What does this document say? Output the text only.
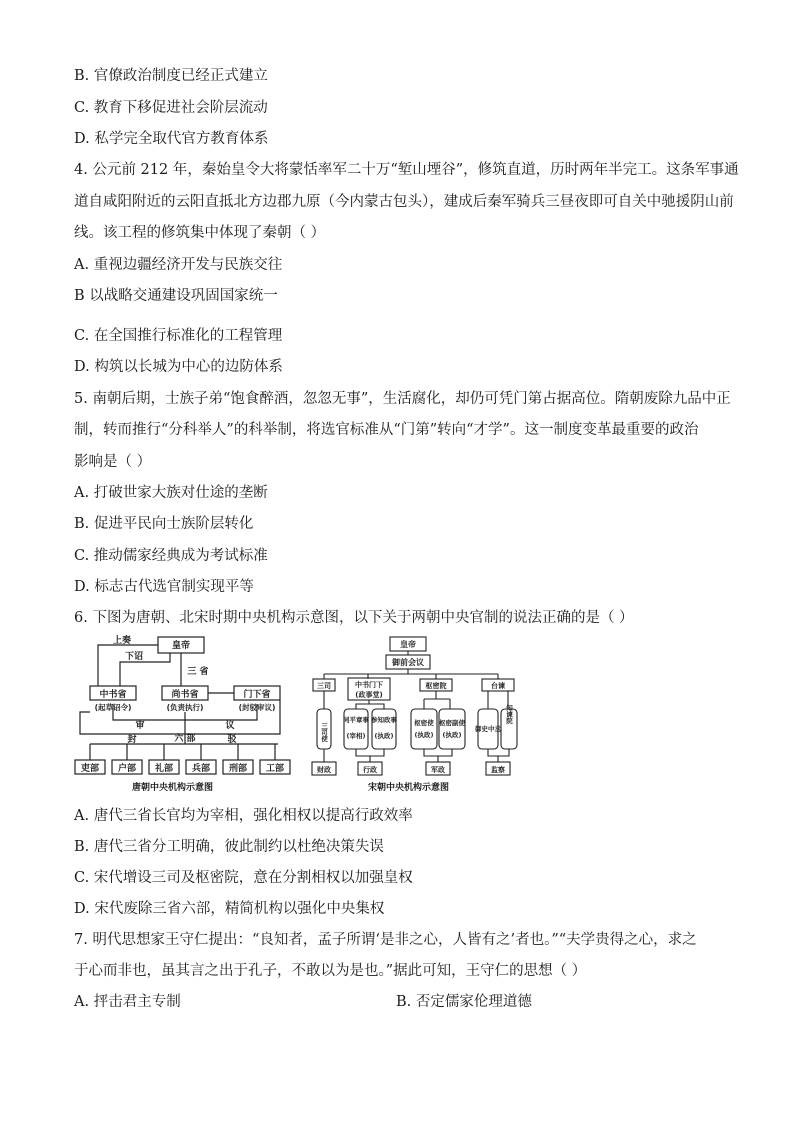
B. 官僚政治制度已经正式建立
C. 教育下移促进社会阶层流动
D. 私学完全取代官方教育体系
4. 公元前 212 年，秦始皇令大将蒙恬率军二十万“堑山堙谷”，修筑直道，历时两年半完工。这条军事通
道自咸阳附近的云阳直抵北方边郡九原（今内蒙古包头），建成后秦军骑兵三昼夜即可自关中驰援阴山前
线。该工程的修筑集中体现了秦朝（ ）
A. 重视边疆经济开发与民族交往
B 以战略交通建设巩固国家统一
C. 在全国推行标准化的工程管理
D. 构筑以长城为中心的边防体系
5. 南朝后期，士族子弟“饱食醉酒，忽忽无事”，生活腐化，却仍可凭门第占据高位。隋朝废除九品中正
制，转而推行“分科举人”的科举制，将选官标准从“门第”转向“才学”。这一制度变革最重要的政治
影响是（ ）
A. 打破世家大族对仕途的垄断
B. 促进平民向士族阶层转化
C. 推动儒家经典成为考试标准
D. 标志古代选官制实现平等
6. 下图为唐朝、北宋时期中央机构示意图，以下关于两朝中央官制的说法正确的是（ ）
皇帝
上奏
下诏
三 省
中书省
(起草诏令)
尚书省
(负责执行)
门下省
(封驳审议)
审	议
封	驳
六 部
吏部 户部 礼部 兵部 刑部 工部
唐朝中央机构示意图
皇帝
御前会议
三司	中书门下
(政事堂)
枢密院	台谏
三司使
同平章事
(宰相)
参知政事
(执政)
枢密使
(执政)
枢密副使
(执政)
御史中丞
知谏院
财政	行政	军政	监察
宋朝中央机构示意图
A. 唐代三省长官均为宰相，强化相权以提高行政效率
B. 唐代三省分工明确，彼此制约以杜绝决策失误
C. 宋代增设三司及枢密院，意在分割相权以加强皇权
D. 宋代废除三省六部，精简机构以强化中央集权
7. 明代思想家王守仁提出：“良知者，孟子所谓‘是非之心，人皆有之’者也。”“夫学贵得之心，求之
于心而非也，虽其言之出于孔子，不敢以为是也。”据此可知，王守仁的思想（ ）
A. 抨击君主专制	B. 否定儒家伦理道德
